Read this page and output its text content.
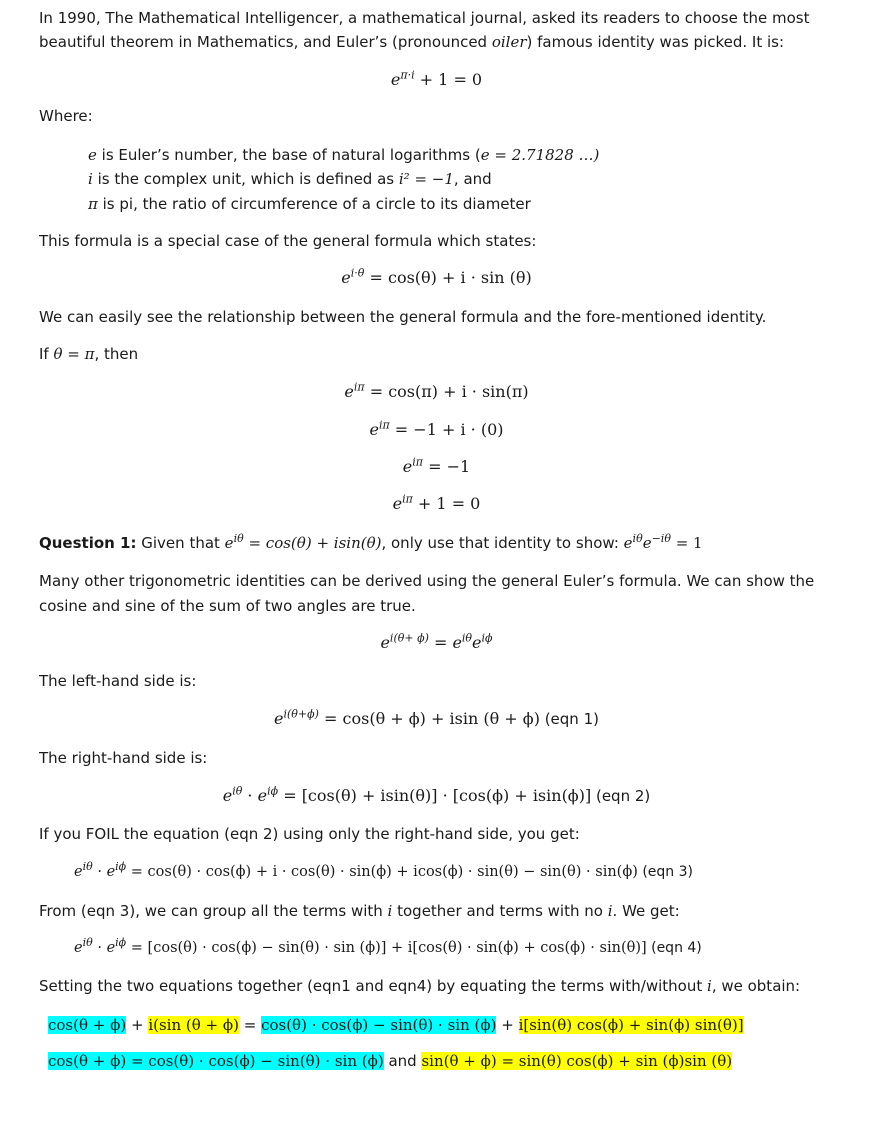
In 1990, The Mathematical Intelligencer, a mathematical journal, asked its readers to choose the most
beautiful theorem in Mathematics, and Euler’s (pronounced oiler) famous identity was picked. It is:
$e^{\pi\cdot i} + 1 = 0$
Where:
e is Euler’s number, the base of natural logarithms (e = 2.71828 …)
i is the complex unit, which is defined as i² = −1, and
π is pi, the ratio of circumference of a circle to its diameter
This formula is a special case of the general formula which states:
$e^{i\cdot\theta} = \cos(\theta) + i \cdot \sin (\theta)$
We can easily see the relationship between the general formula and the fore-mentioned identity.
If θ = π, then
$e^{i\pi} = \cos(\pi) + i \cdot \sin(\pi)$
$e^{i\pi} = -1 + i \cdot (0)$
$e^{i\pi} = -1$
$e^{i\pi} + 1 = 0$
Question 1: Given that $e^{i\theta} = \cos(\theta) + isin(\theta)$, only use that identity to show: $e^{i\theta}e^{-i\theta} = 1$
Many other trigonometric identities can be derived using the general Euler’s formula. We can show the
cosine and sine of the sum of two angles are true.
$e^{i(\theta+ \phi)} = e^{i\theta}e^{i\phi}$
The left-hand side is:
$e^{i(\theta+\phi)} = \cos(\theta + \phi) + isin$ (θ + ϕ) (eqn 1)
The right-hand side is:
$e^{i\theta} \cdot e^{i\phi} = [\cos(\theta) + isin(\theta)] \cdot [\cos(\phi) + isin(\phi)]$ (eqn 2)
If you FOIL the equation (eqn 2) using only the right-hand side, you get:
$e^{i\theta} \cdot e^{i\phi} = \cos(\theta) \cdot \cos(\phi) + i \cdot \cos(\theta) \cdot \sin(\phi) + icos(\phi) \cdot \sin(\theta) - \sin(\theta) \cdot \sin(\phi)$ (eqn 3)
From (eqn 3), we can group all the terms with i together and terms with no i. We get:
$e^{i\theta} \cdot e^{i\phi} = [\cos(\theta) \cdot \cos(\phi) - \sin(\theta) \cdot \sin (\phi)] + i[\cos(\theta) \cdot \sin(\phi) + \cos(\phi) \cdot \sin(\theta)]$ (eqn 4)
Setting the two equations together (eqn1 and eqn4) by equating the terms with/without i, we obtain:
cos(θ + ϕ) + i(sin (θ + ϕ) = cos(θ) · cos(ϕ) − sin(θ) · sin (ϕ) + i[sin(θ) cos(ϕ) + sin(ϕ) sin(θ)]
cos(θ + ϕ) = cos(θ) · cos(ϕ) − sin(θ) · sin (ϕ) and sin(θ + ϕ) = sin(θ) cos(ϕ) + sin (ϕ)sin (θ)
